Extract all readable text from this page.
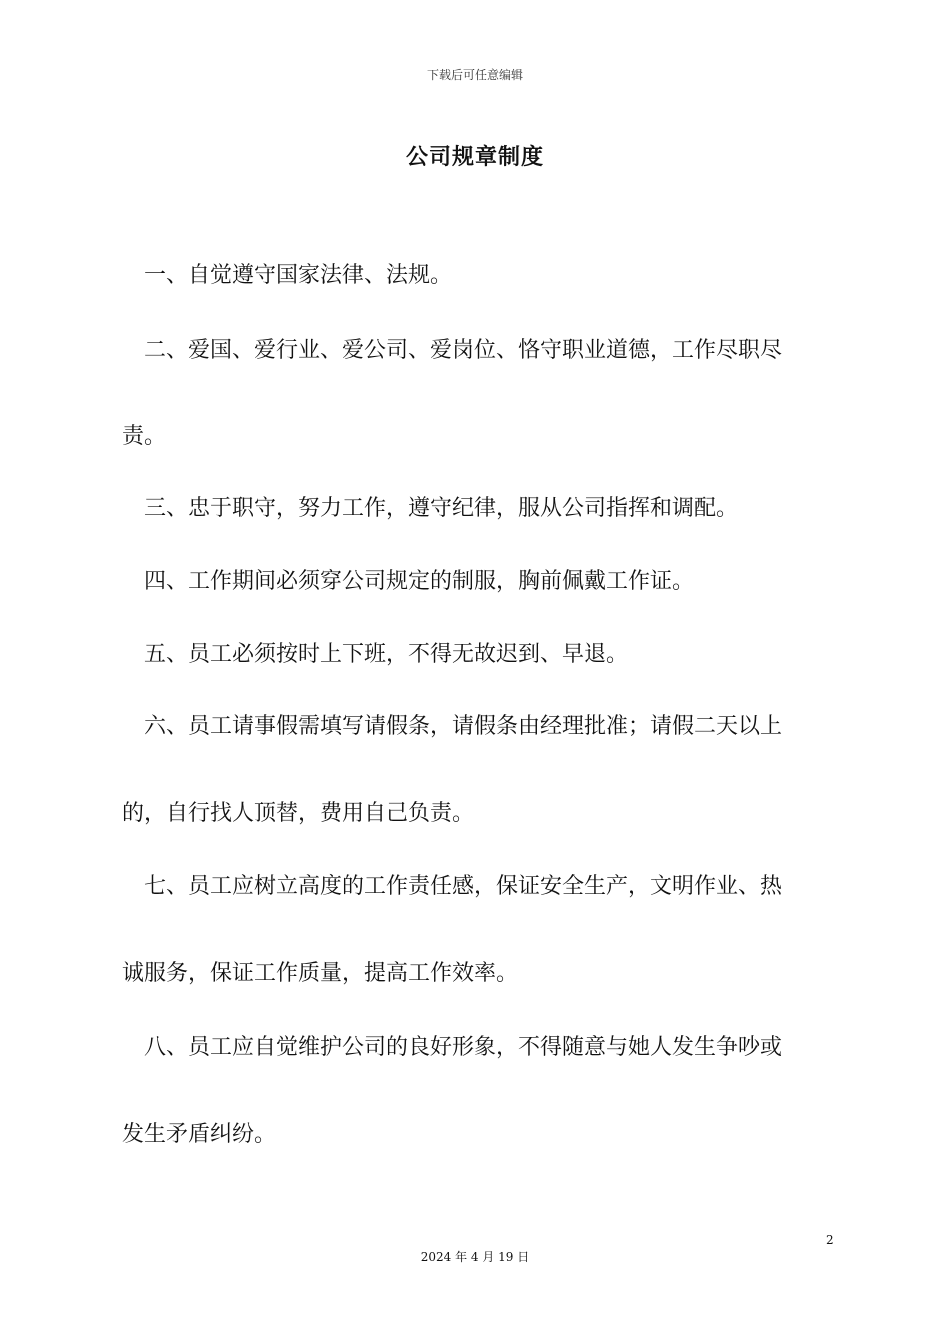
下载后可任意编辑
公司规章制度

一、自觉遵守国家法律、法规。

二、爱国、爱行业、爱公司、爱岗位、恪守职业道德，工作尽职尽

责。

三、忠于职守，努力工作，遵守纪律，服从公司指挥和调配。

四、工作期间必须穿公司规定的制服，胸前佩戴工作证。

五、员工必须按时上下班，不得无故迟到、早退。

六、员工请事假需填写请假条，请假条由经理批准；请假二天以上

的，自行找人顶替，费用自己负责。

七、员工应树立高度的工作责任感，保证安全生产，文明作业、热

诚服务，保证工作质量，提高工作效率。

八、员工应自觉维护公司的良好形象，不得随意与她人发生争吵或

发生矛盾纠纷。

2
2024 年 4 月 19 日
